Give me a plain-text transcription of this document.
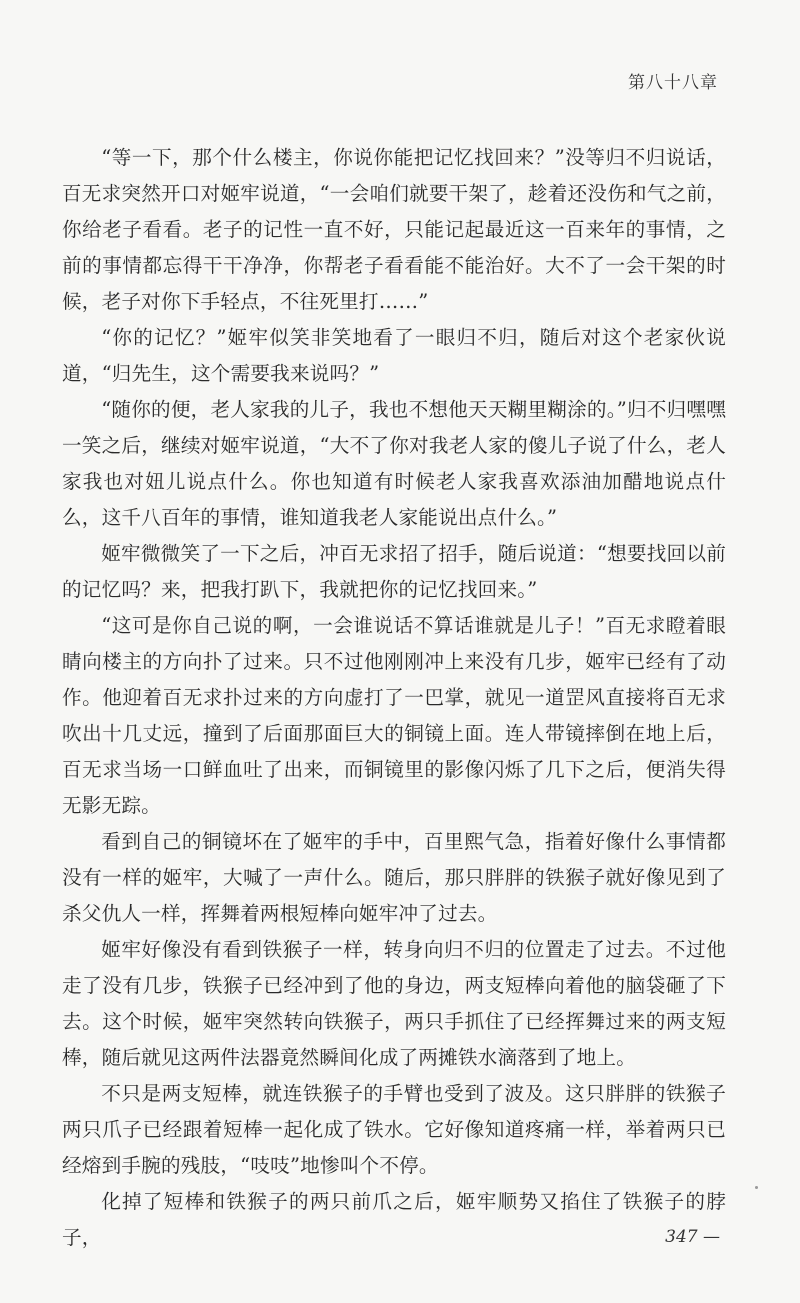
第八十八章

“等一下，那个什么楼主，你说你能把记忆找回来？”没等归不归说话，百无求突然开口对姬牢说道，“一会咱们就要干架了，趁着还没伤和气之前，你给老子看看。老子的记性一直不好，只能记起最近这一百来年的事情，之前的事情都忘得干干净净，你帮老子看看能不能治好。大不了一会干架的时候，老子对你下手轻点，不往死里打……”

“你的记忆？”姬牢似笑非笑地看了一眼归不归，随后对这个老家伙说道，“归先生，这个需要我来说吗？”

“随你的便，老人家我的儿子，我也不想他天天糊里糊涂的。”归不归嘿嘿一笑之后，继续对姬牢说道，“大不了你对我老人家的傻儿子说了什么，老人家我也对妞儿说点什么。你也知道有时候老人家我喜欢添油加醋地说点什么，这千八百年的事情，谁知道我老人家能说出点什么。”

姬牢微微笑了一下之后，冲百无求招了招手，随后说道：“想要找回以前的记忆吗？来，把我打趴下，我就把你的记忆找回来。”

“这可是你自己说的啊，一会谁说话不算话谁就是儿子！”百无求瞪着眼睛向楼主的方向扑了过来。只不过他刚刚冲上来没有几步，姬牢已经有了动作。他迎着百无求扑过来的方向虚打了一巴掌，就见一道罡风直接将百无求吹出十几丈远，撞到了后面那面巨大的铜镜上面。连人带镜摔倒在地上后，百无求当场一口鲜血吐了出来，而铜镜里的影像闪烁了几下之后，便消失得无影无踪。

看到自己的铜镜坏在了姬牢的手中，百里熙气急，指着好像什么事情都没有一样的姬牢，大喊了一声什么。随后，那只胖胖的铁猴子就好像见到了杀父仇人一样，挥舞着两根短棒向姬牢冲了过去。

姬牢好像没有看到铁猴子一样，转身向归不归的位置走了过去。不过他走了没有几步，铁猴子已经冲到了他的身边，两支短棒向着他的脑袋砸了下去。这个时候，姬牢突然转向铁猴子，两只手抓住了已经挥舞过来的两支短棒，随后就见这两件法器竟然瞬间化成了两摊铁水滴落到了地上。

不只是两支短棒，就连铁猴子的手臂也受到了波及。这只胖胖的铁猴子两只爪子已经跟着短棒一起化成了铁水。它好像知道疼痛一样，举着两只已经熔到手腕的残肢，“吱吱”地惨叫个不停。

化掉了短棒和铁猴子的两只前爪之后，姬牢顺势又掐住了铁猴子的脖子，	347 —
